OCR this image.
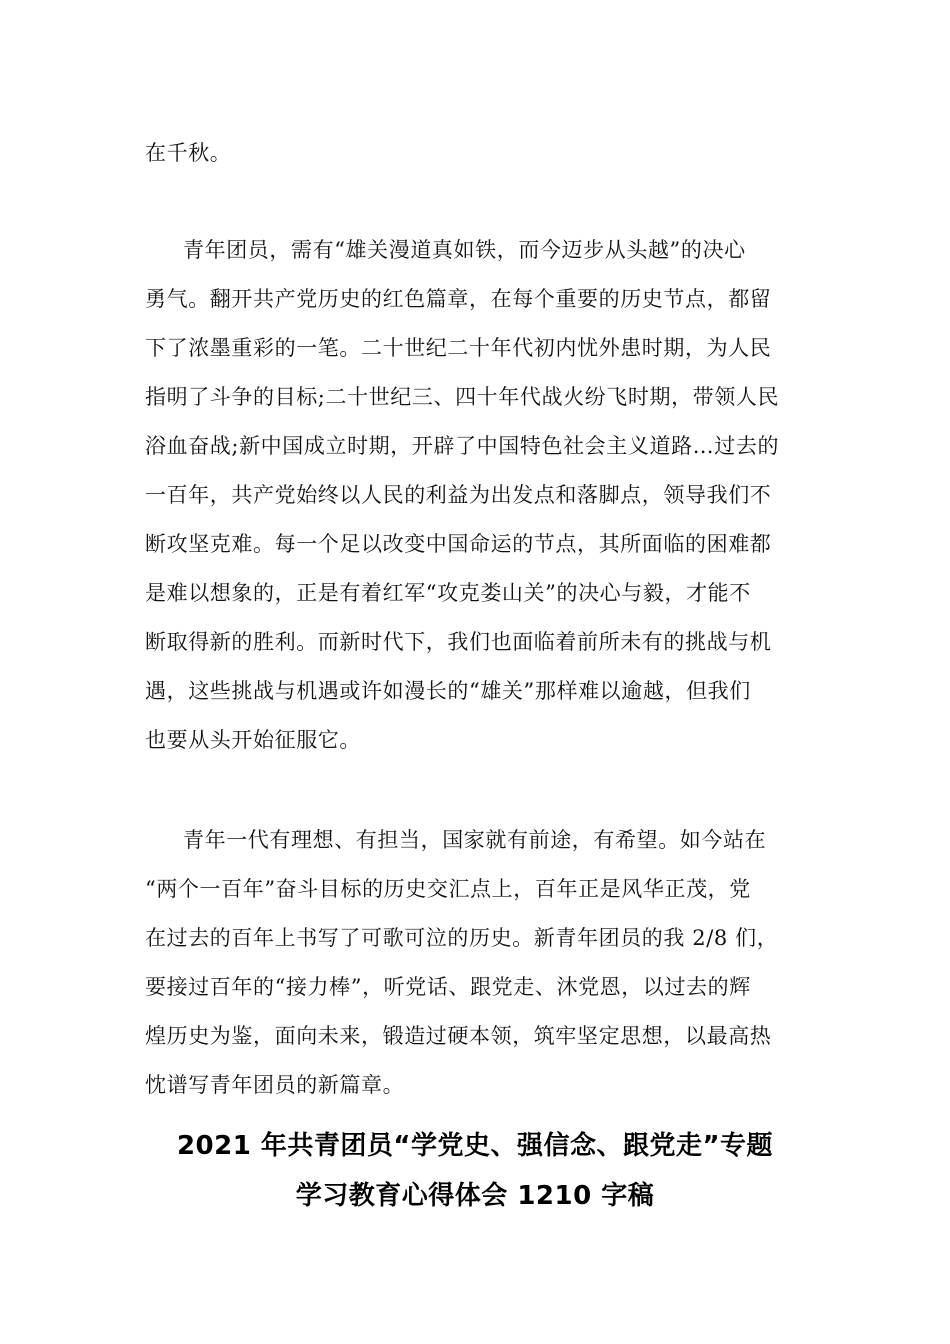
在千秋。
青年团员，需有“雄关漫道真如铁，而今迈步从头越”的决心
勇气。翻开共产党历史的红色篇章，在每个重要的历史节点，都留
下了浓墨重彩的一笔。二十世纪二十年代初内忧外患时期，为人民
指明了斗争的目标;二十世纪三、四十年代战火纷飞时期，带领人民
浴血奋战;新中国成立时期，开辟了中国特色社会主义道路…过去的
一百年，共产党始终以人民的利益为出发点和落脚点，领导我们不
断攻坚克难。每一个足以改变中国命运的节点，其所面临的困难都
是难以想象的，正是有着红军“攻克娄山关”的决心与毅，才能不
断取得新的胜利。而新时代下，我们也面临着前所未有的挑战与机
遇，这些挑战与机遇或许如漫长的“雄关”那样难以逾越，但我们
也要从头开始征服它。
青年一代有理想、有担当，国家就有前途，有希望。如今站在
“两个一百年”奋斗目标的历史交汇点上，百年正是风华正茂，党
在过去的百年上书写了可歌可泣的历史。新青年团员的我 2/8 们，
要接过百年的“接力棒”，听党话、跟党走、沐党恩，以过去的辉
煌历史为鉴，面向未来，锻造过硬本领，筑牢坚定思想，以最高热
忱谱写青年团员的新篇章。
2021 年共青团员“学党史、强信念、跟党走”专题
学习教育心得体会 1210 字稿
